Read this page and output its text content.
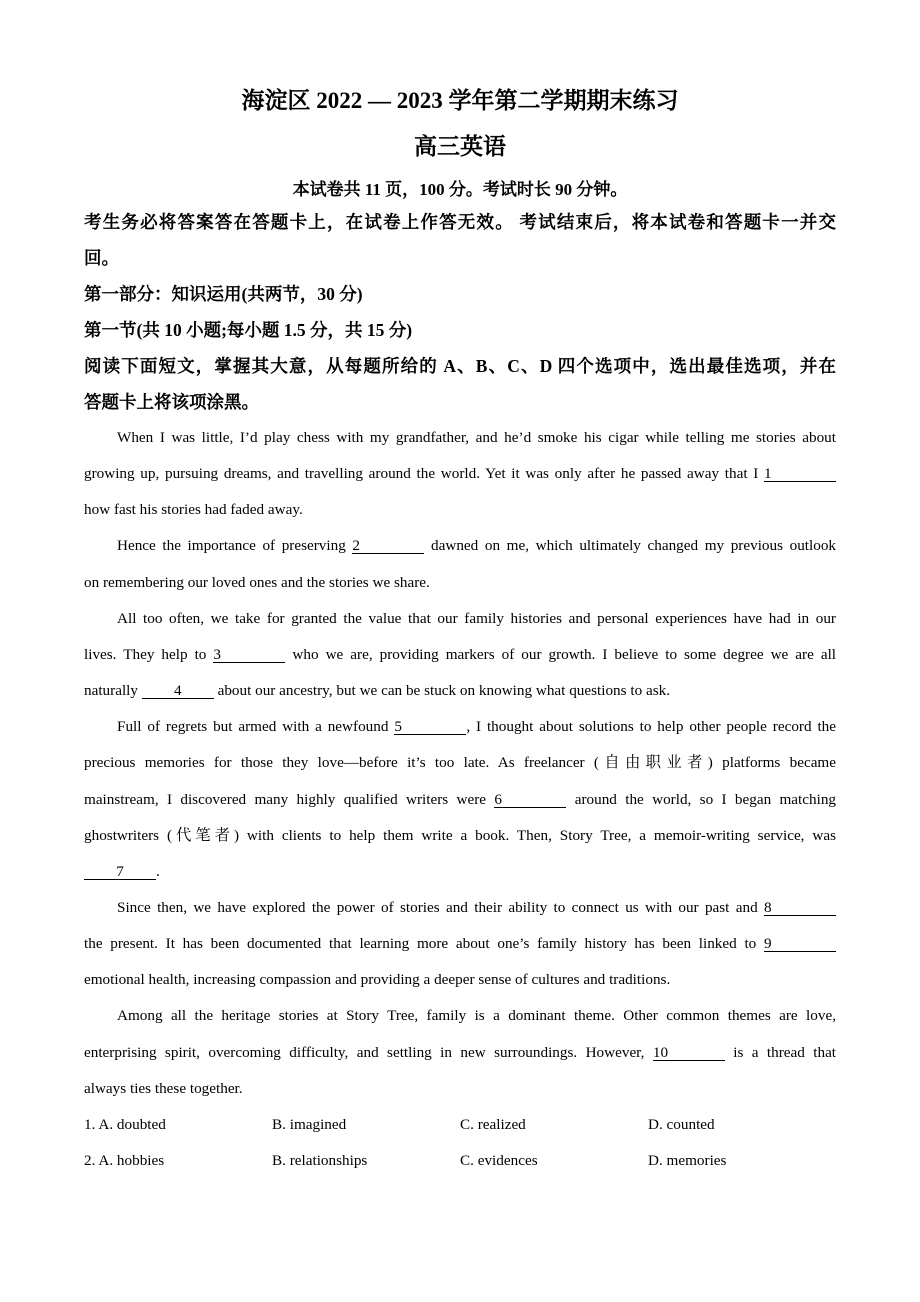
海淀区 2022 — 2023 学年第二学期期末练习
高三英语
本试卷共 11 页，100 分。考试时长 90 分钟。
考生务必将答案答在答题卡上，在试卷上作答无效。 考试结束后，将本试卷和答题卡一并交
回。
第一部分：知识运用(共两节，30 分)
第一节(共 10 小题;每小题 1.5 分，共 15 分)
阅读下面短文，掌握其大意，从每题所给的 A、B、C、D 四个选项中，选出最佳选项，并在
答题卡上将该项涂黑。
When I was little, I’d play chess with my grandfather, and he’d smoke his cigar while telling me stories about
growing up, pursuing dreams, and travelling around the world. Yet it was only after he passed away that I 1
how fast his stories had faded away.
Hence the importance of preserving 2	dawned on me, which ultimately changed my previous outlook
on remembering our loved ones and the stories we share.
All too often, we take for granted the value that our family histories and personal experiences have had in our
lives. They help to 3	who we are, providing markers of our growth. I believe to some degree we are all
naturally 4 about our ancestry, but we can be stuck on knowing what questions to ask.
Full of regrets but armed with a newfound 5	, I thought about solutions to help other people record the
precious memories for those they love—before it’s too late. As freelancer (自由职业者) platforms became
mainstream, I discovered many highly qualified writers were 6	around the world, so I began matching
ghostwriters (代笔者) with clients to help them write a book. Then, Story Tree, a memoir-writing service, was
7 .
Since then, we have explored the power of stories and their ability to connect us with our past and 8
the present. It has been documented that learning more about one’s family history has been linked to 9
emotional health, increasing compassion and providing a deeper sense of cultures and traditions.
Among all the heritage stories at Story Tree, family is a dominant theme. Other common themes are love,
enterprising spirit, overcoming difficulty, and settling in new surroundings. However, 10	is a thread that
always ties these together.
1. A. doubted	B. imagined	C. realized	D. counted
2. A. hobbies	B. relationships	C. evidences	D. memories
